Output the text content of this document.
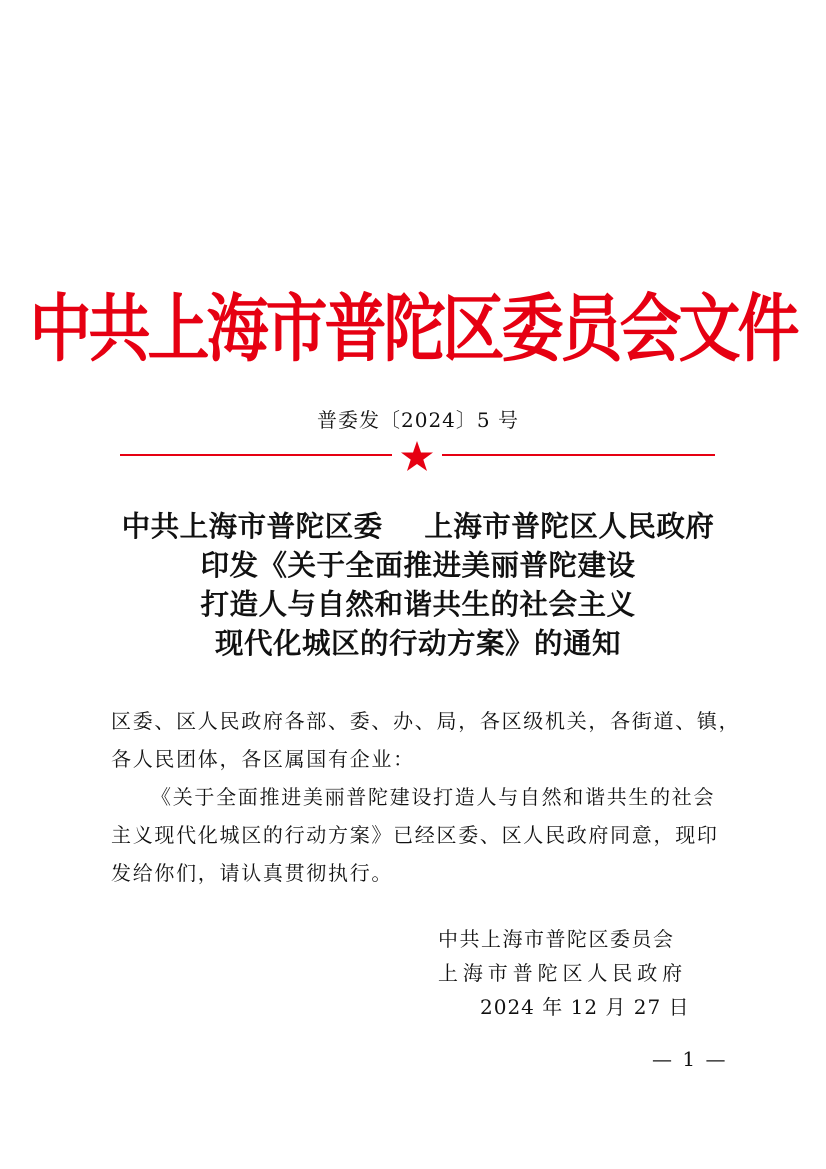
中共上海市普陀区委员会文件
普委发〔2024〕5 号
中共上海市普陀区委    上海市普陀区人民政府
印发《关于全面推进美丽普陀建设
打造人与自然和谐共生的社会主义
现代化城区的行动方案》的通知
区委、区人民政府各部、委、办、局，各区级机关，各街道、镇，
各人民团体，各区属国有企业：
《关于全面推进美丽普陀建设打造人与自然和谐共生的社会
主义现代化城区的行动方案》已经区委、区人民政府同意，现印
发给你们，请认真贯彻执行。
中共上海市普陀区委员会
上海市普陀区人民政府
2024 年 12 月 27 日
— 1 —
